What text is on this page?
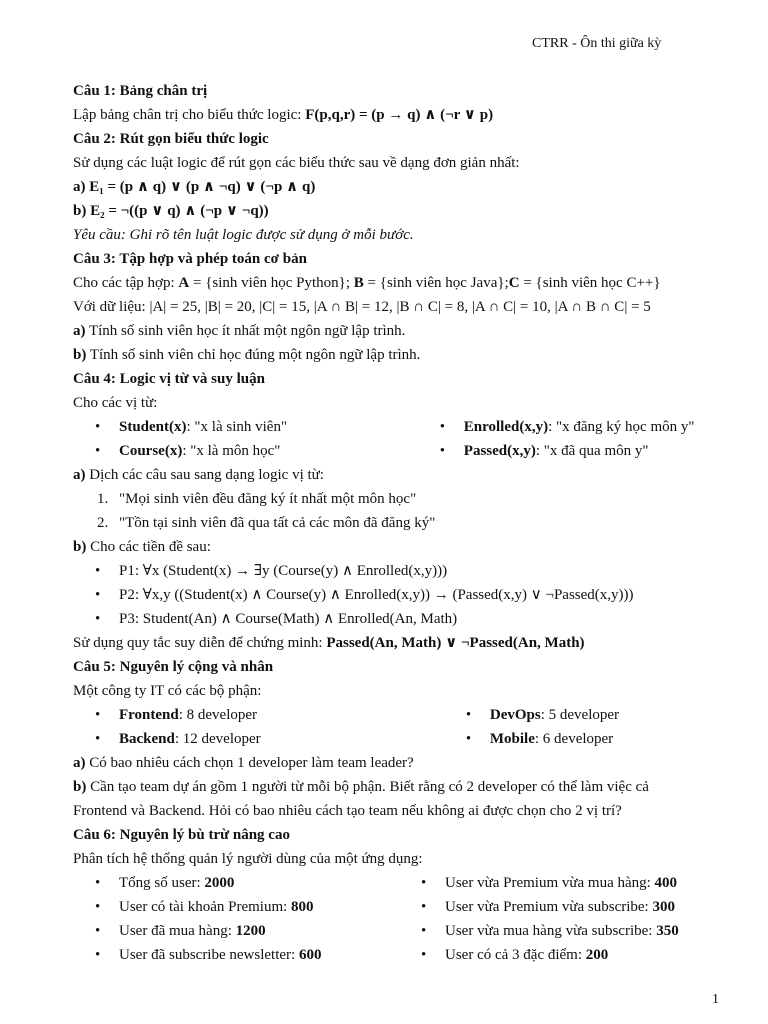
CTRR - Ôn thi giữa kỳ
Câu 1: Bảng chân trị
Lập bảng chân trị cho biểu thức logic: F(p,q,r) = (p → q) ∧ (¬r ∨ p)
Câu 2: Rút gọn biểu thức logic
Sử dụng các luật logic để rút gọn các biểu thức sau về dạng đơn giản nhất:
a) E₁ = (p ∧ q) ∨ (p ∧ ¬q) ∨ (¬p ∧ q)
b) E₂ = ¬((p ∨ q) ∧ (¬p ∨ ¬q))
Yêu cầu: Ghi rõ tên luật logic được sử dụng ở mỗi bước.
Câu 3: Tập hợp và phép toán cơ bản
Cho các tập hợp: A = {sinh viên học Python}; B = {sinh viên học Java};C = {sinh viên học C++}
Với dữ liệu: |A| = 25, |B| = 20, |C| = 15, |A ∩ B| = 12, |B ∩ C| = 8, |A ∩ C| = 10, |A ∩ B ∩ C| = 5
a) Tính số sinh viên học ít nhất một ngôn ngữ lập trình.
b) Tính số sinh viên chỉ học đúng một ngôn ngữ lập trình.
Câu 4: Logic vị từ và suy luận
Cho các vị từ:
• Student(x): "x là sinh viên"
• Course(x): "x là môn học"
• Enrolled(x,y): "x đăng ký học môn y"
• Passed(x,y): "x đã qua môn y"
a) Dịch các câu sau sang dạng logic vị từ:
1. "Mọi sinh viên đều đăng ký ít nhất một môn học"
2. "Tồn tại sinh viên đã qua tất cả các môn đã đăng ký"
b) Cho các tiền đề sau:
• P1: ∀x (Student(x) → ∃y (Course(y) ∧ Enrolled(x,y)))
• P2: ∀x,y ((Student(x) ∧ Course(y) ∧ Enrolled(x,y)) → (Passed(x,y) ∨ ¬Passed(x,y)))
• P3: Student(An) ∧ Course(Math) ∧ Enrolled(An, Math)
Sử dụng quy tắc suy diễn để chứng minh: Passed(An, Math) ∨ ¬Passed(An, Math)
Câu 5: Nguyên lý cộng và nhân
Một công ty IT có các bộ phận:
• Frontend: 8 developer
• Backend: 12 developer
• DevOps: 5 developer
• Mobile: 6 developer
a) Có bao nhiêu cách chọn 1 developer làm team leader?
b) Cần tạo team dự án gồm 1 người từ mỗi bộ phận. Biết rằng có 2 developer có thể làm việc cả
Frontend và Backend. Hỏi có bao nhiêu cách tạo team nếu không ai được chọn cho 2 vị trí?
Câu 6: Nguyên lý bù trừ nâng cao
Phân tích hệ thống quản lý người dùng của một ứng dụng:
• Tổng số user: 2000
• User có tài khoản Premium: 800
• User đã mua hàng: 1200
• User đã subscribe newsletter: 600
• User vừa Premium vừa mua hàng: 400
• User vừa Premium vừa subscribe: 300
• User vừa mua hàng vừa subscribe: 350
• User có cả 3 đặc điểm: 200
1
